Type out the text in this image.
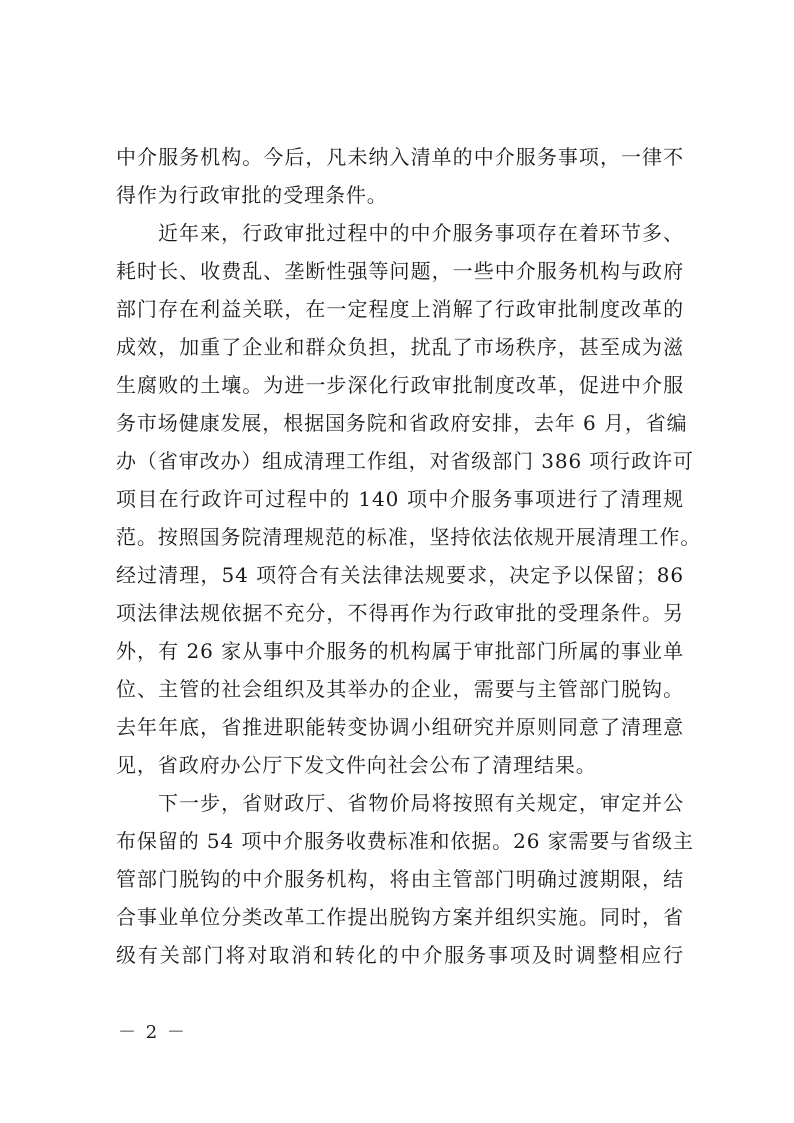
中介服务机构。今后，凡未纳入清单的中介服务事项，一律不
得作为行政审批的受理条件。
近年来，行政审批过程中的中介服务事项存在着环节多、
耗时长、收费乱、垄断性强等问题，一些中介服务机构与政府
部门存在利益关联，在一定程度上消解了行政审批制度改革的
成效，加重了企业和群众负担，扰乱了市场秩序，甚至成为滋
生腐败的土壤。为进一步深化行政审批制度改革，促进中介服
务市场健康发展，根据国务院和省政府安排，去年 6 月，省编
办（省审改办）组成清理工作组，对省级部门 386 项行政许可
项目在行政许可过程中的 140 项中介服务事项进行了清理规
范。按照国务院清理规范的标准，坚持依法依规开展清理工作。
经过清理，54 项符合有关法律法规要求，决定予以保留；86
项法律法规依据不充分，不得再作为行政审批的受理条件。另
外，有 26 家从事中介服务的机构属于审批部门所属的事业单
位、主管的社会组织及其举办的企业，需要与主管部门脱钩。
去年年底，省推进职能转变协调小组研究并原则同意了清理意
见，省政府办公厅下发文件向社会公布了清理结果。
下一步，省财政厅、省物价局将按照有关规定，审定并公
布保留的 54 项中介服务收费标准和依据。26 家需要与省级主
管部门脱钩的中介服务机构，将由主管部门明确过渡期限，结
合事业单位分类改革工作提出脱钩方案并组织实施。同时，省
级有关部门将对取消和转化的中介服务事项及时调整相应行
－ 2 －
